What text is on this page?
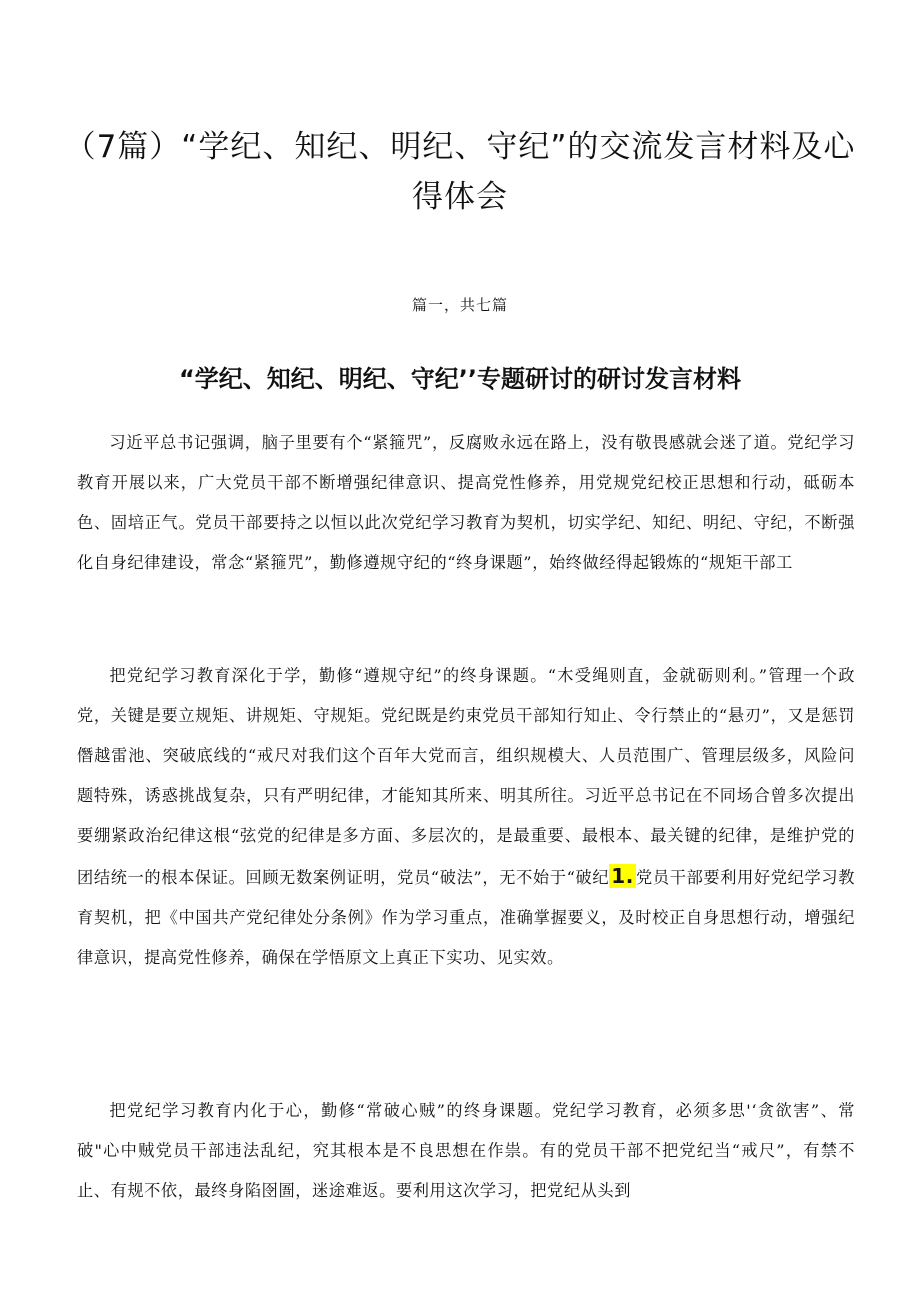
（7篇）“学纪、知纪、明纪、守纪”的交流发言材料及心得体会

篇一，共七篇

“学纪、知纪、明纪、守纪’’专题研讨的研讨发言材料

习近平总书记强调，脑子里要有个“紧箍咒”，反腐败永远在路上，没有敬畏感就会迷了道。党纪学习教育开展以来，广大党员干部不断增强纪律意识、提高党性修养，用党规党纪校正思想和行动，砥砺本色、固培正气。党员干部要持之以恒以此次党纪学习教育为契机，切实学纪、知纪、明纪、守纪，不断强化自身纪律建设，常念“紧箍咒”，勤修遵规守纪的“终身课题”，始终做经得起锻炼的“规矩干部工

把党纪学习教育深化于学，勤修“遵规守纪”的终身课题。“木受绳则直，金就砺则利。”管理一个政党，关键是要立规矩、讲规矩、守规矩。党纪既是约束党员干部知行知止、令行禁止的“悬刃”，又是惩罚僭越雷池、突破底线的“戒尺对我们这个百年大党而言，组织规模大、人员范围广、管理层级多，风险问题特殊，诱惑挑战复杂，只有严明纪律，才能知其所来、明其所往。习近平总书记在不同场合曾多次提出要绷紧政治纪律这根“弦党的纪律是多方面、多层次的，是最重要、最根本、最关键的纪律，是维护党的团结统一的根本保证。回顾无数案例证明，党员“破法”，无不始于“破纪 1. 党员干部要利用好党纪学习教育契机，把《中国共产党纪律处分条例》作为学习重点，准确掌握要义，及时校正自身思想行动，增强纪律意识，提高党性修养，确保在学悟原文上真正下实功、见实效。

把党纪学习教育内化于心，勤修“常破心贼”的终身课题。党纪学习教育，必须多思'‘贪欲害”、常破"心中贼党员干部违法乱纪，究其根本是不良思想在作祟。有的党员干部不把党纪当“戒尺”，有禁不止、有规不依，最终身陷囹圄，迷途难返。要利用这次学习，把党纪从头到
